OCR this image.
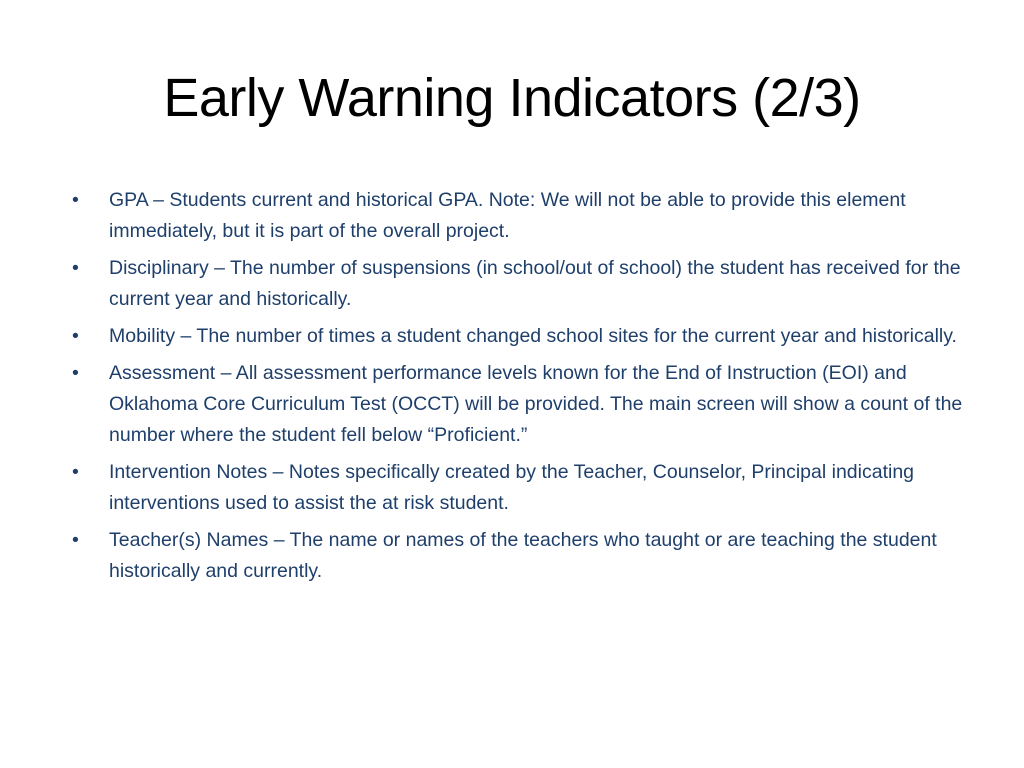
Early Warning Indicators (2/3)
•	GPA – Students current and historical GPA. Note: We will not be able to provide this element immediately, but it is part of the overall project.
•	Disciplinary – The number of suspensions (in school/out of school) the student has received for the current year and historically.
•	Mobility – The number of times a student changed school sites for the current year and historically.
•	Assessment – All assessment performance levels known for the End of Instruction (EOI) and Oklahoma Core Curriculum Test (OCCT) will be provided. The main screen will show a count of the number where the student fell below “Proficient.”
•	Intervention Notes – Notes specifically created by the Teacher, Counselor, Principal indicating interventions used to assist the at risk student.
•	Teacher(s) Names – The name or names of the teachers who taught or are teaching the student historically and currently.
